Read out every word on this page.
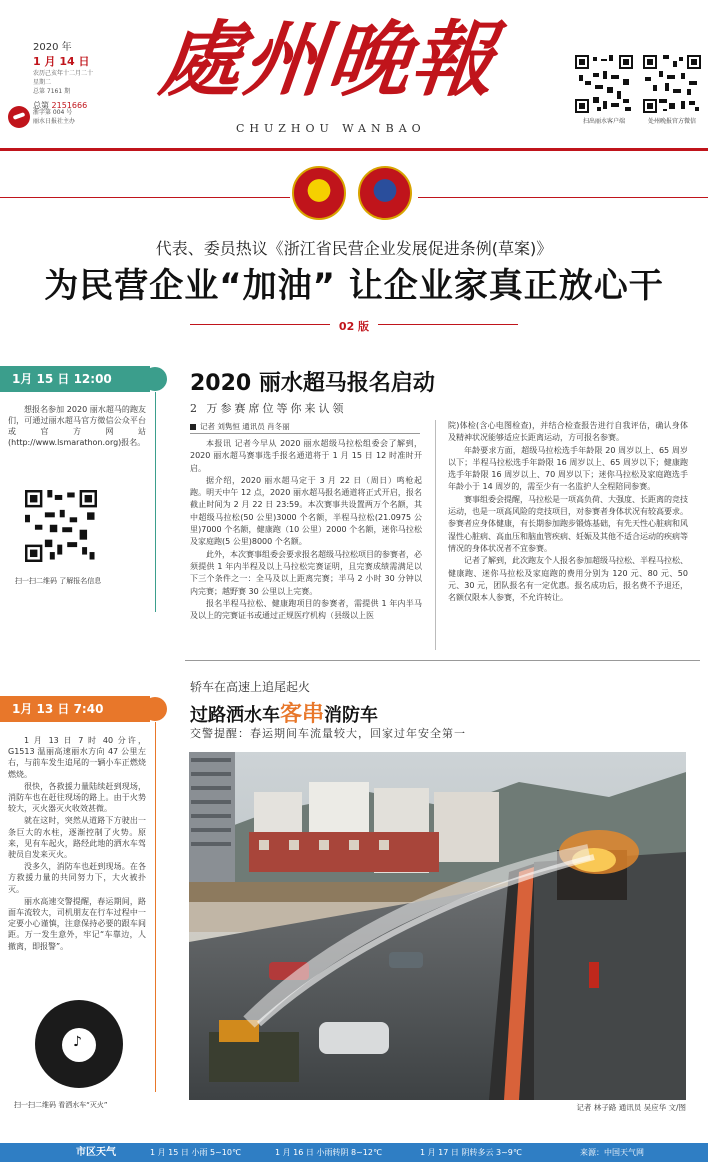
2020 年
1 月 14 日
农历己亥年十二月二十
星期二
总第 7161 期
总第 2151666
浙字第 004 号
丽水日报社主办
處州晚報
CHUZHOU WANBAO
扫出丽水客户端	处州晚报官方微信
代表、委员热议《浙江省民营企业发展促进条例(草案)》
为民营企业“加油” 让企业家真正放心干
02 版
1月 15 日 12:00
想报名参加 2020 丽水超马的跑友们，可通过丽水超马官方微信公众平台或官方网站(http://www.lsmarathon.org)报名。
扫一扫二维码 了解报名信息
2020 丽水超马报名启动
2 万参赛席位等你来认领
记者 刘隽恒 通讯员 肖冬丽

本报讯 记者今早从 2020 丽水超级马拉松组委会了解到，2020 丽水超马赛事选手报名通道将于 1 月 15 日 12 时准时开启。

据介绍，2020 丽水超马定于 3 月 22 日（周日）鸣枪起跑。明天中午 12 点，2020 丽水超马报名通道将正式开启，报名截止时间为 2 月 22 日 23:59。本次赛事共设置两万个名额，其中超级马拉松(50 公里)3000 个名额，半程马拉松(21.0975 公里)7000 个名额，健康跑（10 公里）2000 个名额，迷你马拉松及家庭跑(5 公里)8000 个名额。

此外，本次赛事组委会要求报名超级马拉松项目的参赛者，必须提供 1 年内半程及以上马拉松完赛证明，且完赛成绩需满足以下三个条件之一：全马及以上距离完赛；半马 2 小时 30 分钟以内完赛；越野赛 30 公里以上完赛。

报名半程马拉松、健康跑项目的参赛者，需提供 1 年内半马及以上的完赛证书或通过正规医疗机构（县级以上医

院)体检(含心电图检查)，并结合检查报告进行自我评估，确认身体及精神状况能够适应长距离运动，方可报名参赛。

年龄要求方面，超级马拉松选手年龄限 20 周岁以上、65 周岁以下；半程马拉松选手年龄限 16 周岁以上、65 周岁以下；健康跑选手年龄限 16 周岁以上、70 周岁以下；迷你马拉松及家庭跑选手年龄小于 14 周岁的，需至少有一名监护人全程陪同参赛。

赛事组委会提醒，马拉松是一项高负荷、大强度、长距离的竞技运动，也是一项高风险的竞技项目，对参赛者身体状况有较高要求。参赛者应身体健康，有长期参加跑步锻炼基础，有先天性心脏病和风湿性心脏病、高血压和脑血管疾病、妊娠及其他不适合运动的疾病等情况的身体状况者不宜参赛。

记者了解到，此次跑友个人报名参加超级马拉松、半程马拉松、健康跑、迷你马拉松及家庭跑的费用分别为 120 元、80 元、50 元、30 元，团队报名有一定优惠。报名成功后，报名费不予退还，名额仅限本人参赛，不允许转让。

1月 13 日 7:40

1 月 13 日 7 时 40 分许，G1513 温丽高速丽水方向 47 公里左右，与前车发生追尾的一辆小车正燃烧燃烧。

很快，各救援力量陆续赶到现场，消防车也在赶往现场的路上。由于火势较大，灭火器灭火收效甚微。

就在这时，突然从道路下方驶出一条巨大的水柱，逐渐控制了火势。原来，见有车起火，路经此地的洒水车驾驶员自发来灭火。

没多久，消防车也赶到现场。在各方救援力量的共同努力下，大火被扑灭。

丽水高速交警提醒，春运期间，路面车流较大，司机朋友在行车过程中一定要小心谨慎，注意保持必要的跟车间距。万一发生意外，牢记“车靠边，人撤离，即报警”。

♪
扫一扫二维码 看洒水车“灭火”
轿车在高速上追尾起火
过路洒水车客串消防车
交警提醒：春运期间车流量较大，回家过年安全第一
记者 林子路 通讯员 吴应华 文/图
市区天气	1 月 15 日 小雨 5~10℃	1 月 16 日 小雨转阴 8~12℃	1 月 17 日 阴转多云 3~9℃	来源：中国天气网
